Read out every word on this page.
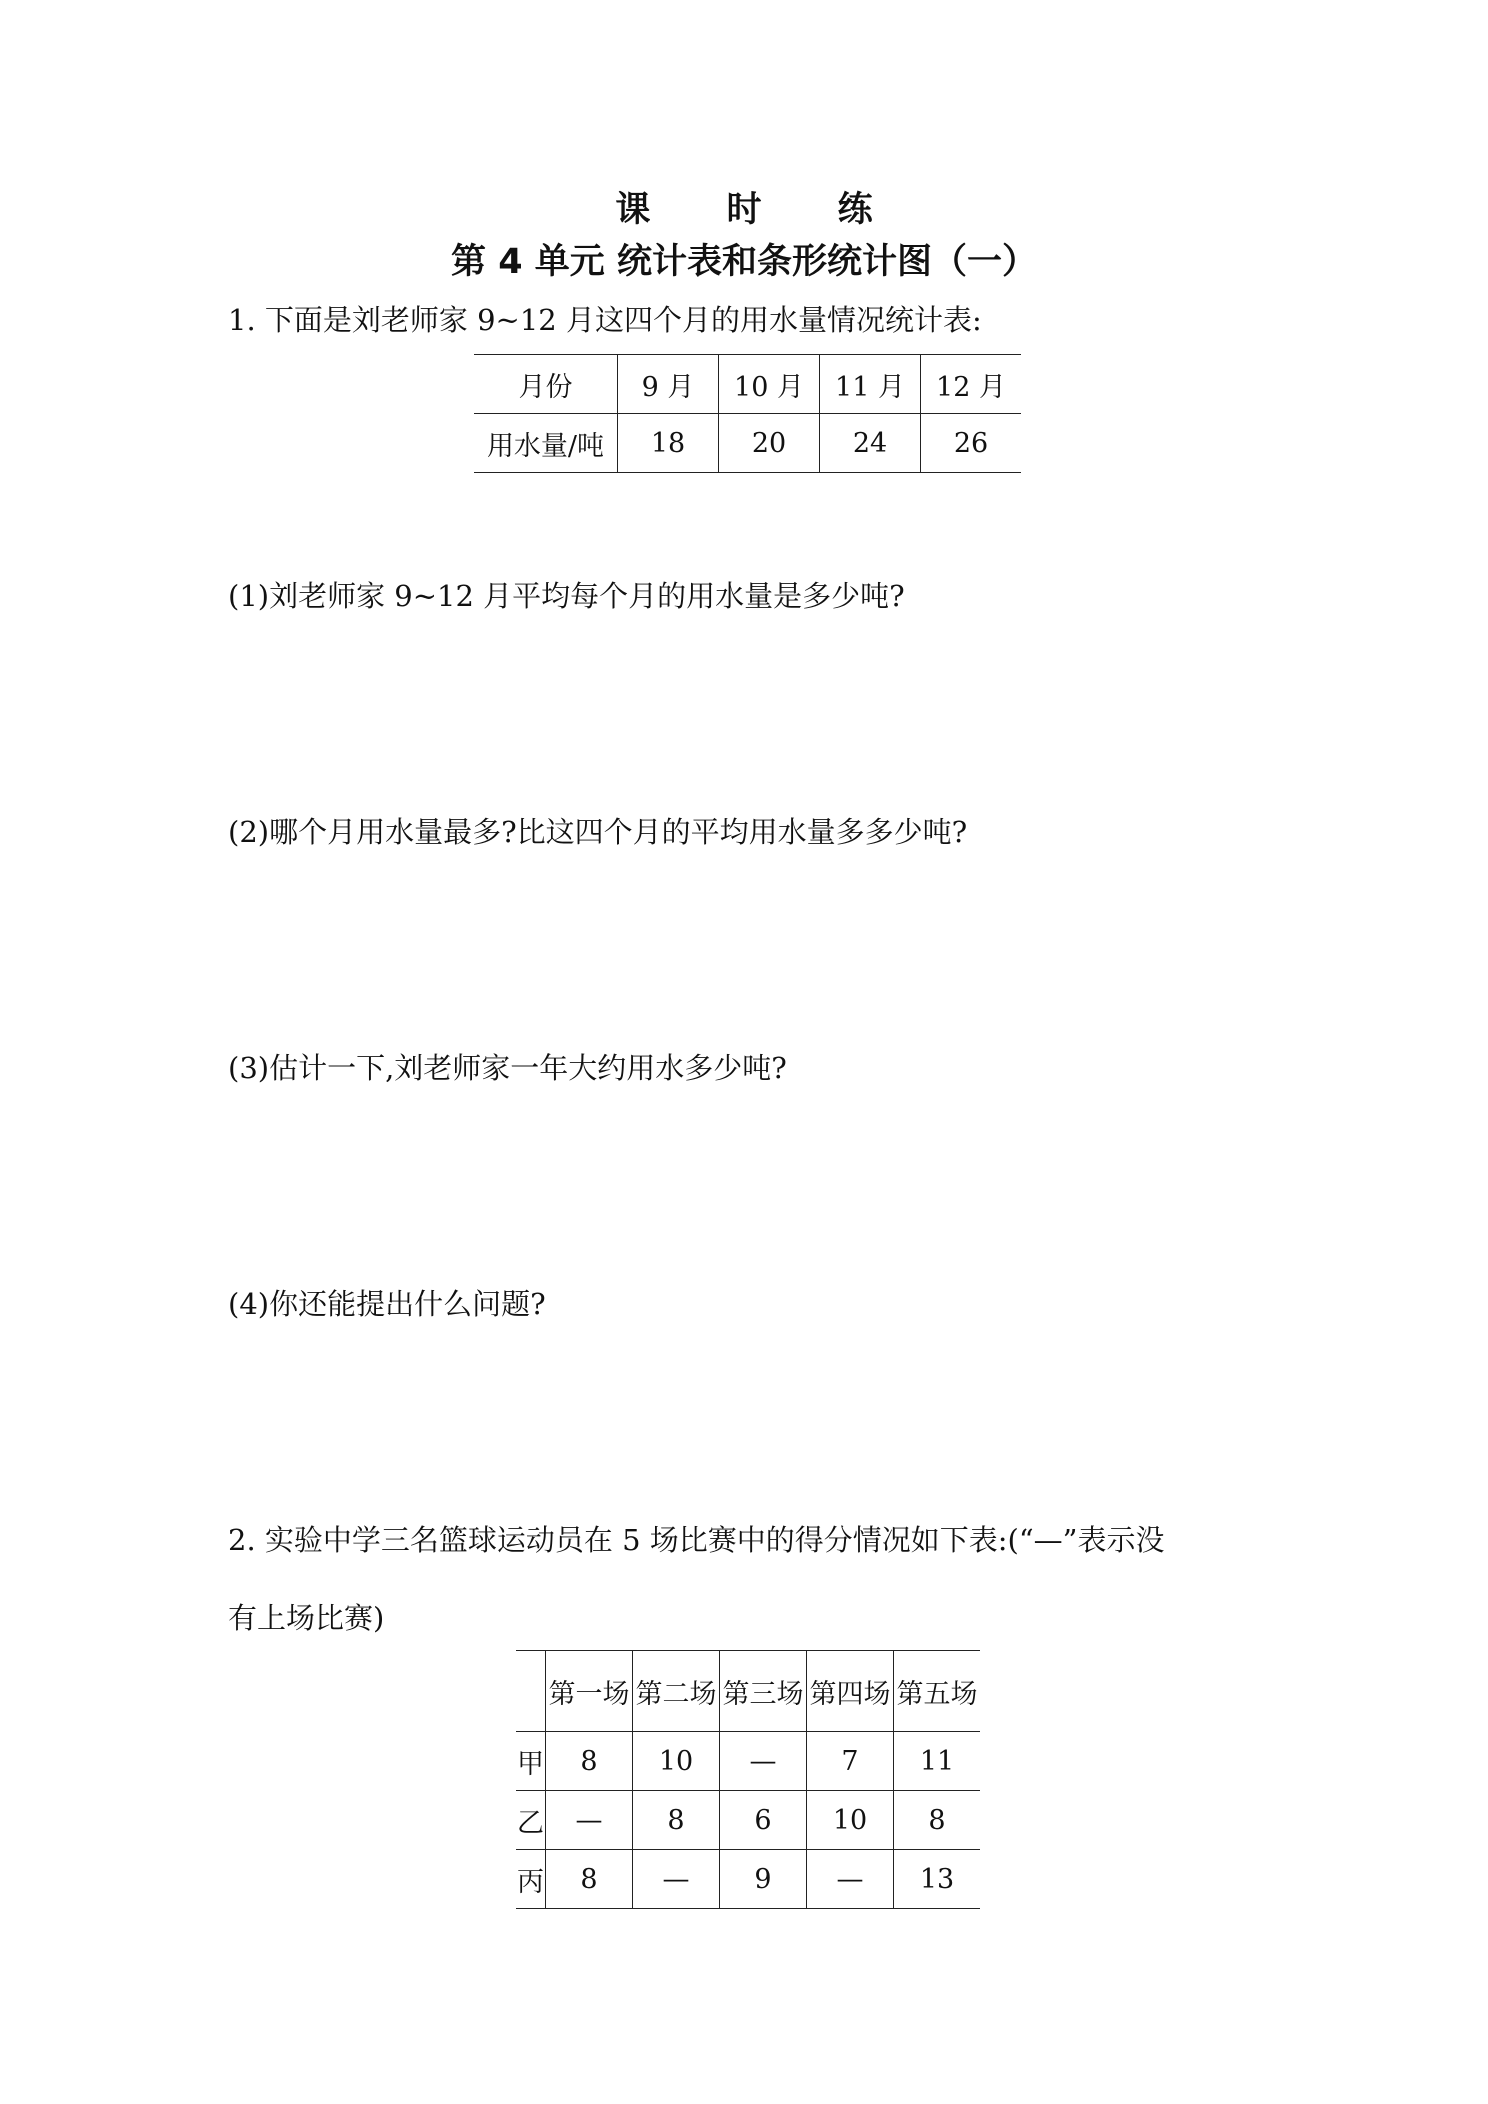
课 时 练
第 4 单元 统计表和条形统计图（一）
1. 下面是刘老师家 9~12 月这四个月的用水量情况统计表:
月份	9 月	10 月	11 月	12 月
用水量/吨	18	20	24	26
(1)刘老师家 9~12 月平均每个月的用水量是多少吨?
(2)哪个月用水量最多?比这四个月的平均用水量多多少吨?
(3)估计一下,刘老师家一年大约用水多少吨?
(4)你还能提出什么问题?
2. 实验中学三名篮球运动员在 5 场比赛中的得分情况如下表:(“—”表示没
有上场比赛)
	第一场	第二场	第三场	第四场	第五场
甲	8	10	—	7	11
乙	—	8	6	10	8
丙	8	—	9	—	13
